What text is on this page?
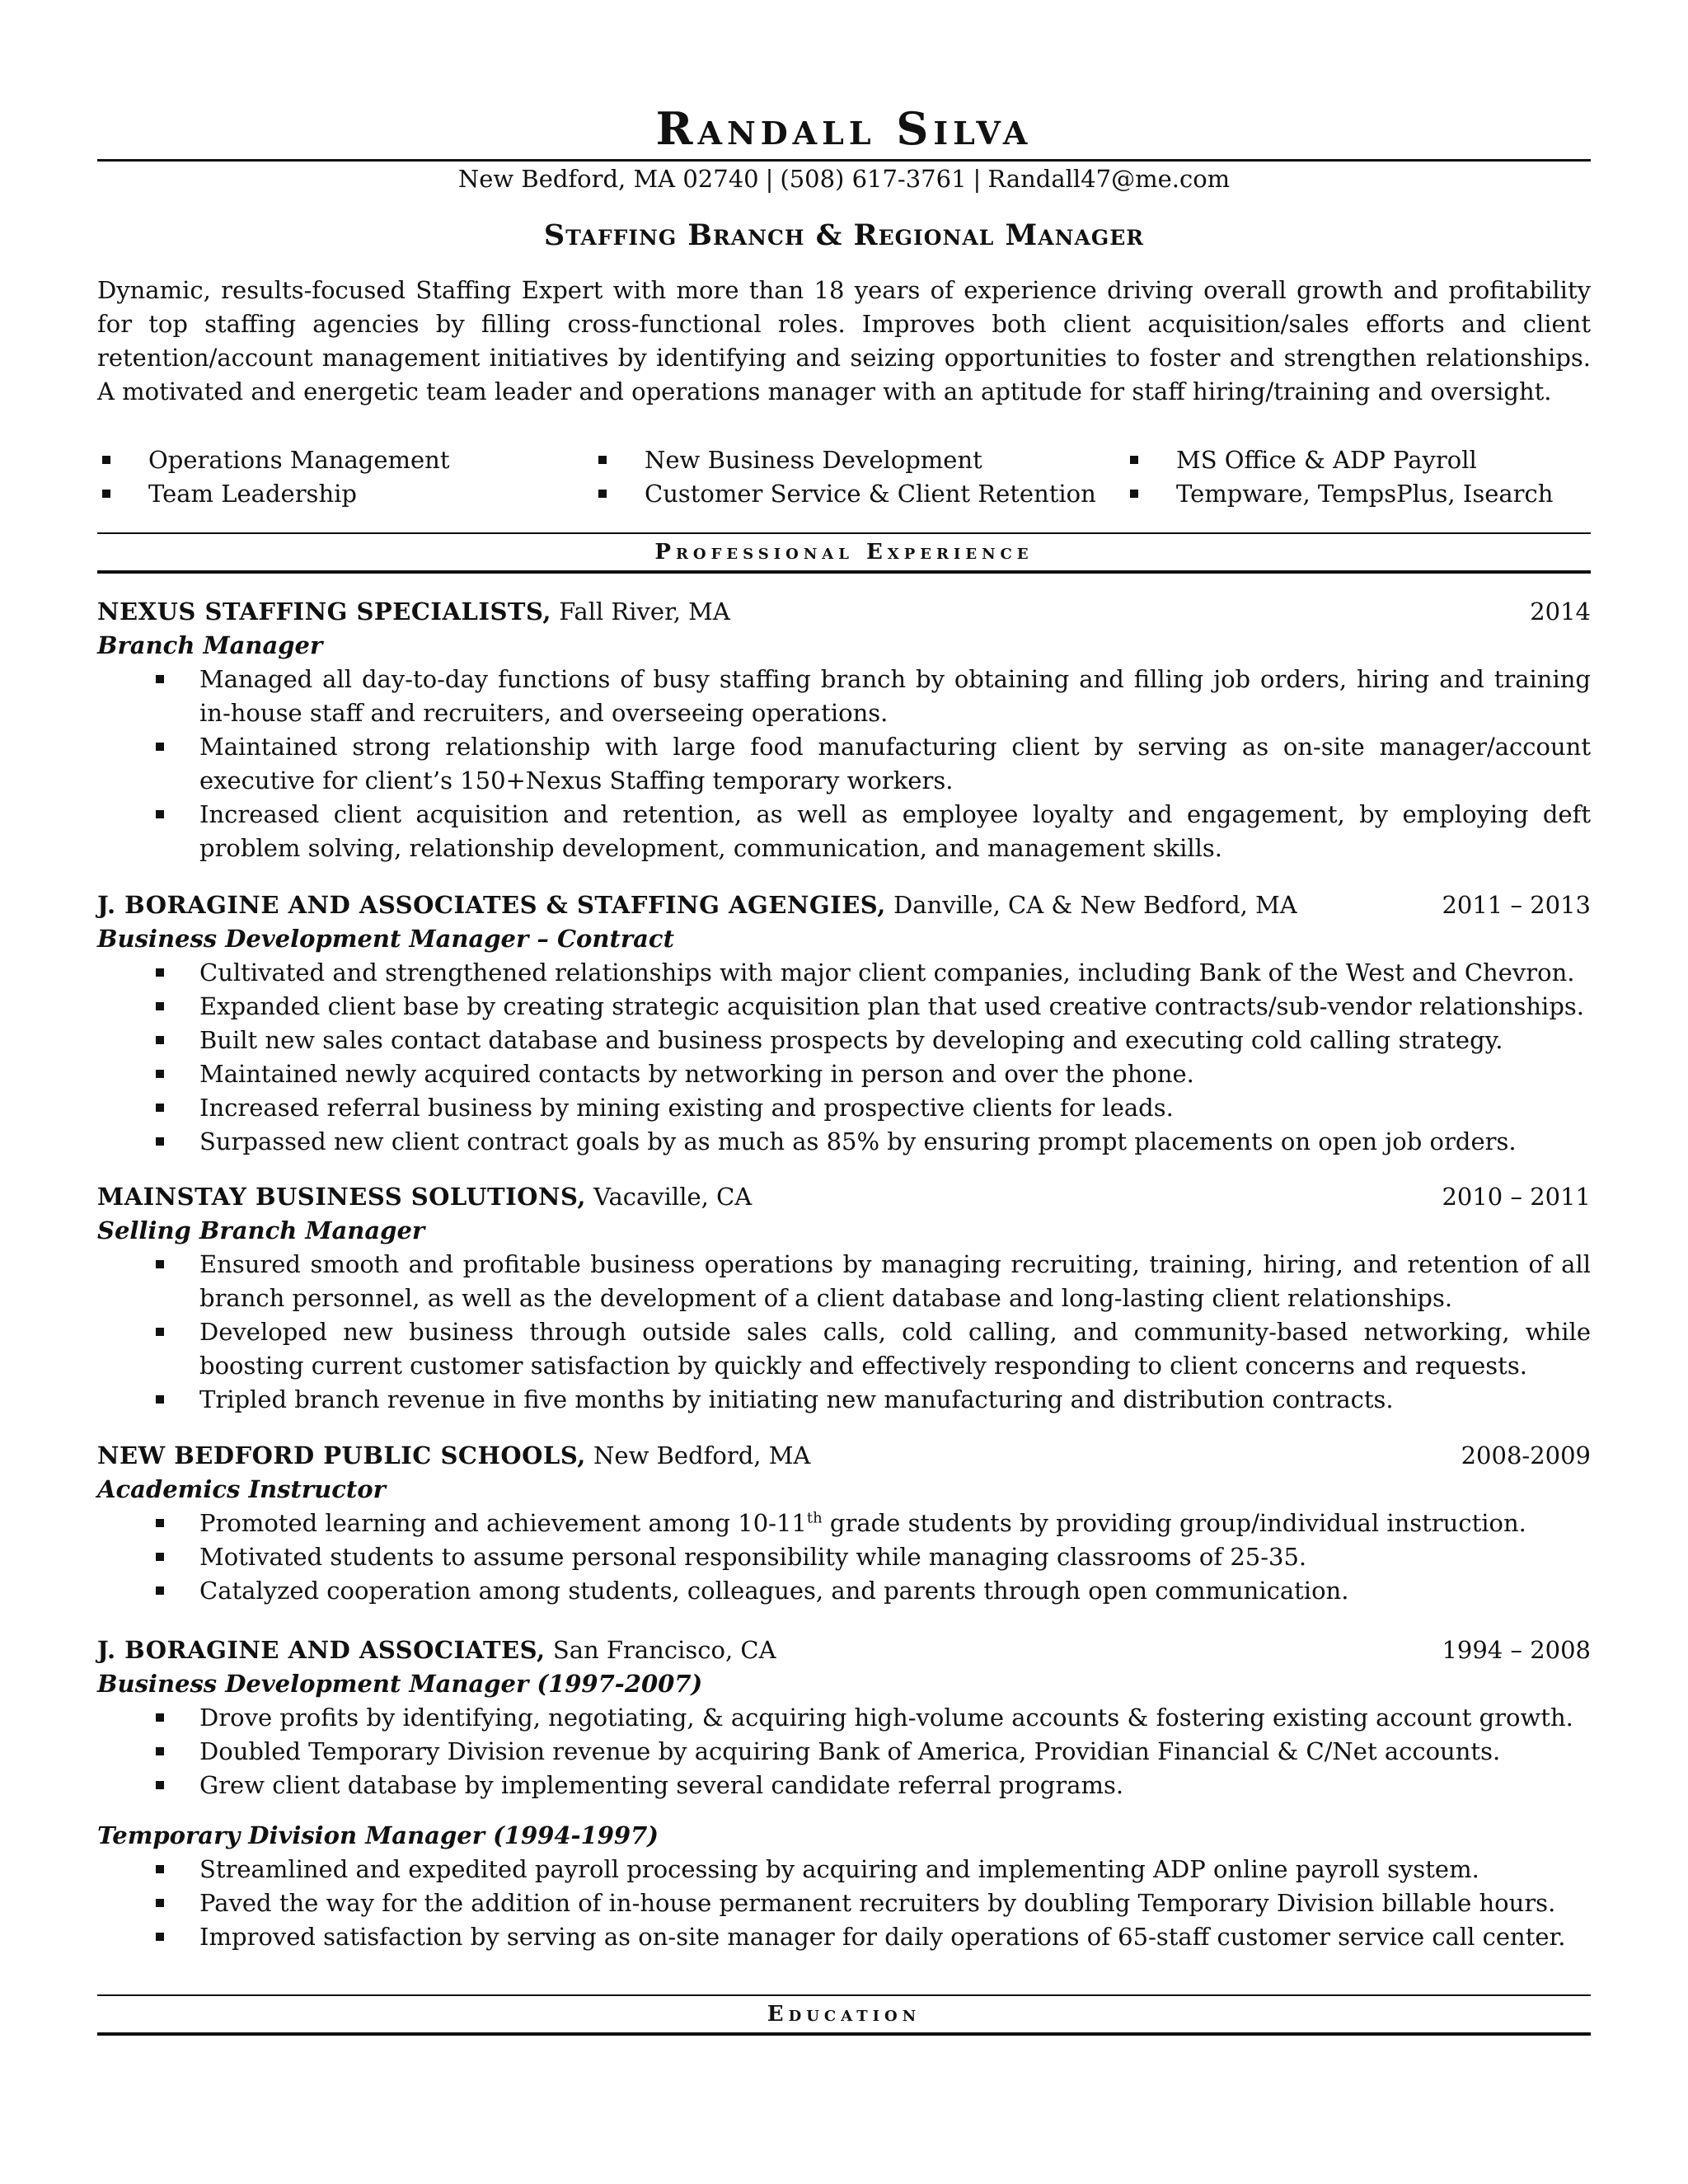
Randall Silva
New Bedford, MA 02740 | (508) 617-3761 | Randall47@me.com
Staffing Branch & Regional Manager
Dynamic, results-focused Staffing Expert with more than 18 years of experience driving overall growth and profitability for top staffing agencies by filling cross-functional roles. Improves both client acquisition/sales efforts and client retention/account management initiatives by identifying and seizing opportunities to foster and strengthen relationships. A motivated and energetic team leader and operations manager with an aptitude for staff hiring/training and oversight.
Operations Management
Team Leadership
New Business Development
Customer Service & Client Retention
MS Office & ADP Payroll
Tempware, TempsPlus, Isearch
Professional Experience
NEXUS STAFFING SPECIALISTS, Fall River, MA	2014
Branch Manager
Managed all day-to-day functions of busy staffing branch by obtaining and filling job orders, hiring and training in-house staff and recruiters, and overseeing operations.
Maintained strong relationship with large food manufacturing client by serving as on-site manager/account executive for client’s 150+Nexus Staffing temporary workers.
Increased client acquisition and retention, as well as employee loyalty and engagement, by employing deft problem solving, relationship development, communication, and management skills.
J. BORAGINE AND ASSOCIATES & STAFFING AGENGIES, Danville, CA & New Bedford, MA	2011 – 2013
Business Development Manager – Contract
Cultivated and strengthened relationships with major client companies, including Bank of the West and Chevron.
Expanded client base by creating strategic acquisition plan that used creative contracts/sub-vendor relationships.
Built new sales contact database and business prospects by developing and executing cold calling strategy.
Maintained newly acquired contacts by networking in person and over the phone.
Increased referral business by mining existing and prospective clients for leads.
Surpassed new client contract goals by as much as 85% by ensuring prompt placements on open job orders.
MAINSTAY BUSINESS SOLUTIONS, Vacaville, CA	2010 – 2011
Selling Branch Manager
Ensured smooth and profitable business operations by managing recruiting, training, hiring, and retention of all branch personnel, as well as the development of a client database and long-lasting client relationships.
Developed new business through outside sales calls, cold calling, and community-based networking, while boosting current customer satisfaction by quickly and effectively responding to client concerns and requests.
Tripled branch revenue in five months by initiating new manufacturing and distribution contracts.
NEW BEDFORD PUBLIC SCHOOLS, New Bedford, MA	2008-2009
Academics Instructor
Promoted learning and achievement among 10-11th grade students by providing group/individual instruction.
Motivated students to assume personal responsibility while managing classrooms of 25-35.
Catalyzed cooperation among students, colleagues, and parents through open communication.
J. BORAGINE AND ASSOCIATES, San Francisco, CA	1994 – 2008
Business Development Manager (1997-2007)
Drove profits by identifying, negotiating, & acquiring high-volume accounts & fostering existing account growth.
Doubled Temporary Division revenue by acquiring Bank of America, Providian Financial & C/Net accounts.
Grew client database by implementing several candidate referral programs.
Temporary Division Manager (1994-1997)
Streamlined and expedited payroll processing by acquiring and implementing ADP online payroll system.
Paved the way for the addition of in-house permanent recruiters by doubling Temporary Division billable hours.
Improved satisfaction by serving as on-site manager for daily operations of 65-staff customer service call center.
Education
